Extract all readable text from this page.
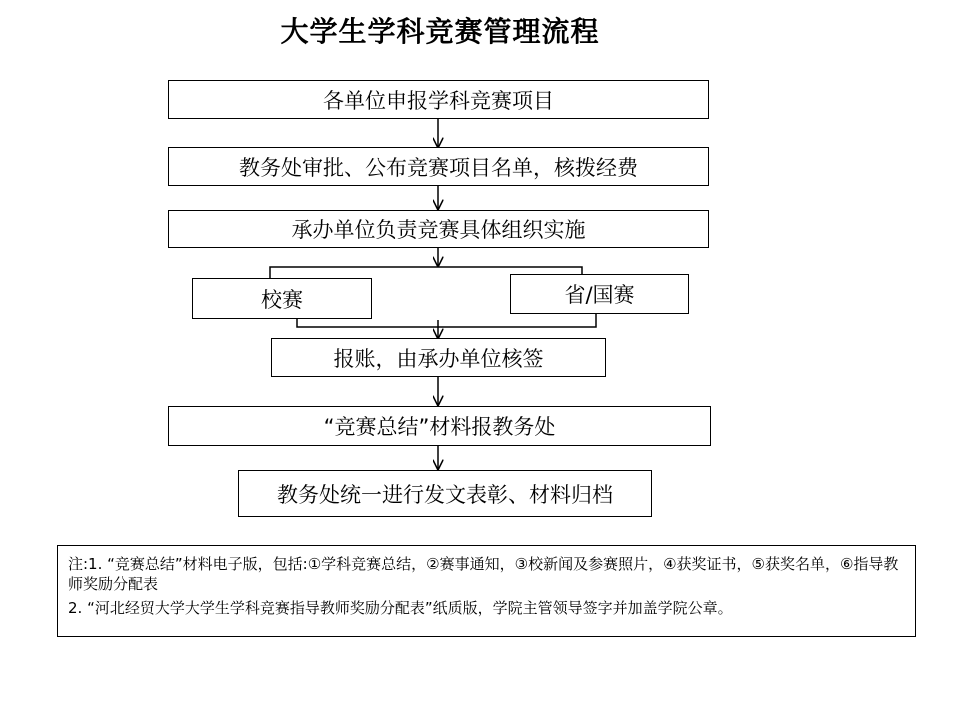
大学生学科竞赛管理流程
各单位申报学科竞赛项目
教务处审批、公布竞赛项目名单，核拨经费
承办单位负责竞赛具体组织实施
校赛	省/国赛
报账，由承办单位核签
“竞赛总结”材料报教务处
教务处统一进行发文表彰、材料归档

注:1. “竞赛总结”材料电子版，包括:①学科竞赛总结，②赛事通知，③校新闻及参赛照片，④获奖证书，⑤获奖名单，⑥指导教师奖励分配表

2. “河北经贸大学大学生学科竞赛指导教师奖励分配表”纸质版，学院主管领导签字并加盖学院公章。
